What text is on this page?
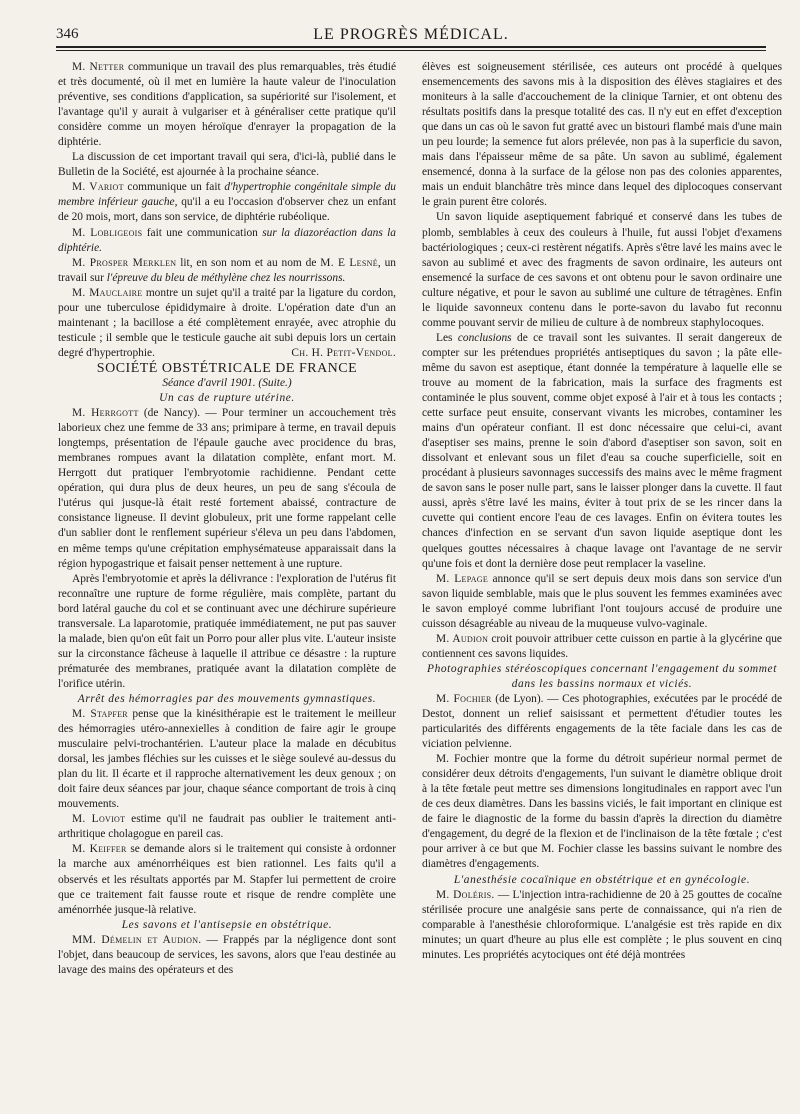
346	LE PROGRÈS MÉDICAL.

M. Netter communique un travail des plus remarquables, très étudié et très documenté, où il met en lumière la haute valeur de l'inoculation préventive, ses conditions d'application, sa supériorité sur l'isolement, et l'avantage qu'il y aurait à vulgariser et à généraliser cette pratique qu'il considère comme un moyen héroïque d'enrayer la propagation de la diphtérie.

La discussion de cet important travail qui sera, d'ici-là, publié dans le Bulletin de la Société, est ajournée à la prochaine séance.

M. Variot communique un fait d'hypertrophie congénitale simple du membre inférieur gauche, qu'il a eu l'occasion d'observer chez un enfant de 20 mois, mort, dans son service, de diphtérie rubéolique.

M. Lobligeois fait une communication sur la diazoréaction dans la diphtérie.

M. Prosper Merklen lit, en son nom et au nom de M. E Lesné, un travail sur l'épreuve du bleu de méthylène chez les nourrissons.

M. Mauclaire montre un sujet qu'il a traité par la ligature du cordon, pour une tuberculose épididymaire à droite. L'opération date d'un an maintenant ; la bacillose a été complètement enrayée, avec atrophie du testicule ; il semble que le testicule gauche ait subi depuis lors un certain degré d'hypertrophie.	Ch. H. Petit-Vendol.

SOCIÉTÉ OBSTÉTRICALE DE FRANCE

Séance d'avril 1901. (Suite.)

Un cas de rupture utérine.

M. Herrgott (de Nancy). — Pour terminer un accouchement très laborieux chez une femme de 33 ans; primipare à terme, en travail depuis longtemps, présentation de l'épaule gauche avec procidence du bras, membranes rompues avant la dilatation complète, enfant mort. M. Herrgott dut pratiquer l'embryotomie rachidienne. Pendant cette opération, qui dura plus de deux heures, un peu de sang s'écoula de l'utérus qui jusque-là était resté fortement abaissé, contracture de consistance ligneuse. Il devint globuleux, prit une forme rappelant celle d'un sablier dont le renflement supérieur s'éleva un peu dans l'abdomen, en même temps qu'une crépitation emphysémateuse apparaissait dans la région hypogastrique et faisait penser nettement à une rupture.

Après l'embryotomie et après la délivrance : l'exploration de l'utérus fit reconnaître une rupture de forme régulière, mais complète, partant du bord latéral gauche du col et se continuant avec une déchirure supérieure transversale. La laparotomie, pratiquée immédiatement, ne put pas sauver la malade, bien qu'on eût fait un Porro pour aller plus vite. L'auteur insiste sur la circonstance fâcheuse à laquelle il attribue ce désastre : la rupture prématurée des membranes, pratiquée avant la dilatation complète de l'orifice utérin.

Arrêt des hémorragies par des mouvements gymnastiques.

M. Stapfer pense que la kinésithérapie est le traitement le meilleur des hémorragies utéro-annexielles à condition de faire agir le groupe musculaire pelvi-trochantérien. L'auteur place la malade en décubitus dorsal, les jambes fléchies sur les cuisses et le siège soulevé au-dessus du plan du lit. Il écarte et il rapproche alternativement les deux genoux ; on doit faire deux séances par jour, chaque séance comportant de trois à cinq mouvements.

M. Loviot estime qu'il ne faudrait pas oublier le traitement anti-arthritique cholagogue en pareil cas.

M. Keiffer se demande alors si le traitement qui consiste à ordonner la marche aux aménorrhéiques est bien rationnel. Les faits qu'il a observés et les résultats apportés par M. Stapfer lui permettent de croire que ce traitement fait fausse route et risque de rendre complète une aménorrhée jusque-là relative.

Les savons et l'antisepsie en obstétrique.

MM. Démelin et Audion. — Frappés par la négligence dont sont l'objet, dans beaucoup de services, les savons, alors que l'eau destinée au lavage des mains des opérateurs et des

élèves est soigneusement stérilisée, ces auteurs ont procédé à quelques ensemencements des savons mis à la disposition des élèves stagiaires et des moniteurs à la salle d'accouchement de la clinique Tarnier, et ont obtenu des résultats positifs dans la presque totalité des cas. Il n'y eut en effet d'exception que dans un cas où le savon fut gratté avec un bistouri flambé mais d'une main un peu lourde; la semence fut alors prélevée, non pas à la superficie du savon, mais dans l'épaisseur même de sa pâte. Un savon au sublimé, également ensemencé, donna à la surface de la gélose non pas des colonies apparentes, mais un enduit blanchâtre très mince dans lequel des diplocoques conservant le grain purent être colorés.

Un savon liquide aseptiquement fabriqué et conservé dans les tubes de plomb, semblables à ceux des couleurs à l'huile, fut aussi l'objet d'examens bactériologiques ; ceux-ci restèrent négatifs. Après s'être lavé les mains avec le savon au sublimé et avec des fragments de savon ordinaire, les auteurs ont ensemencé la surface de ces savons et ont obtenu pour le savon ordinaire une culture négative, et pour le savon au sublimé une culture de tétragènes. Enfin le liquide savonneux contenu dans le porte-savon du lavabo fut reconnu comme pouvant servir de milieu de culture à de nombreux staphylocoques.

Les conclusions de ce travail sont les suivantes. Il serait dangereux de compter sur les prétendues propriétés antiseptiques du savon ; la pâte elle-même du savon est aseptique, étant donnée la température à laquelle elle se trouve au moment de la fabrication, mais la surface des fragments est contaminée le plus souvent, comme objet exposé à l'air et à tous les contacts ; cette surface peut ensuite, conservant vivants les microbes, contaminer les mains d'un opérateur confiant. Il est donc nécessaire que celui-ci, avant d'aseptiser ses mains, prenne le soin d'abord d'aseptiser son savon, soit en dissolvant et enlevant sous un filet d'eau sa couche superficielle, soit en procédant à plusieurs savonnages successifs des mains avec le même fragment de savon sans le poser nulle part, sans le laisser plonger dans la cuvette. Il faut aussi, après s'être lavé les mains, éviter à tout prix de se les rincer dans la cuvette qui contient encore l'eau de ces lavages. Enfin on évitera toutes les chances d'infection en se servant d'un savon liquide aseptique dont les quelques gouttes nécessaires à chaque lavage ont l'avantage de ne servir qu'une fois et dont la dernière dose peut remplacer la vaseline.

M. Lepage annonce qu'il se sert depuis deux mois dans son service d'un savon liquide semblable, mais que le plus souvent les femmes examinées avec le savon employé comme lubrifiant l'ont toujours accusé de produire une cuisson désagréable au niveau de la muqueuse vulvo-vaginale.

M. Audion croit pouvoir attribuer cette cuisson en partie à la glycérine que contiennent ces savons liquides.

Photographies stéréoscopiques concernant l'engagement du sommet dans les bassins normaux et viciés.

M. Fochier (de Lyon). — Ces photographies, exécutées par le procédé de Destot, donnent un relief saisissant et permettent d'étudier toutes les particularités des différents engagements de la tête faciale dans les cas de viciation pelvienne.

M. Fochier montre que la forme du détroit supérieur normal permet de considérer deux détroits d'engagements, l'un suivant le diamètre oblique droit à la tête fœtale peut mettre ses dimensions longitudinales en rapport avec l'un de ces deux diamètres. Dans les bassins viciés, le fait important en clinique est de faire le diagnostic de la forme du bassin d'après la direction du diamètre d'engagement, du degré de la flexion et de l'inclinaison de la tête fœtale ; c'est pour arriver à ce but que M. Fochier classe les bassins suivant le nombre des diamètres d'engagements.

L'anesthésie cocaïnique en obstétrique et en gynécologie.

M. Doléris. — L'injection intra-rachidienne de 20 à 25 gouttes de cocaïne stérilisée procure une analgésie sans perte de connaissance, qui n'a rien de comparable à l'anesthésie chloroformique. L'analgésie est très rapide en dix minutes; un quart d'heure au plus elle est complète ; le plus souvent en cinq minutes. Les propriétés acytociques ont été déjà montrées
